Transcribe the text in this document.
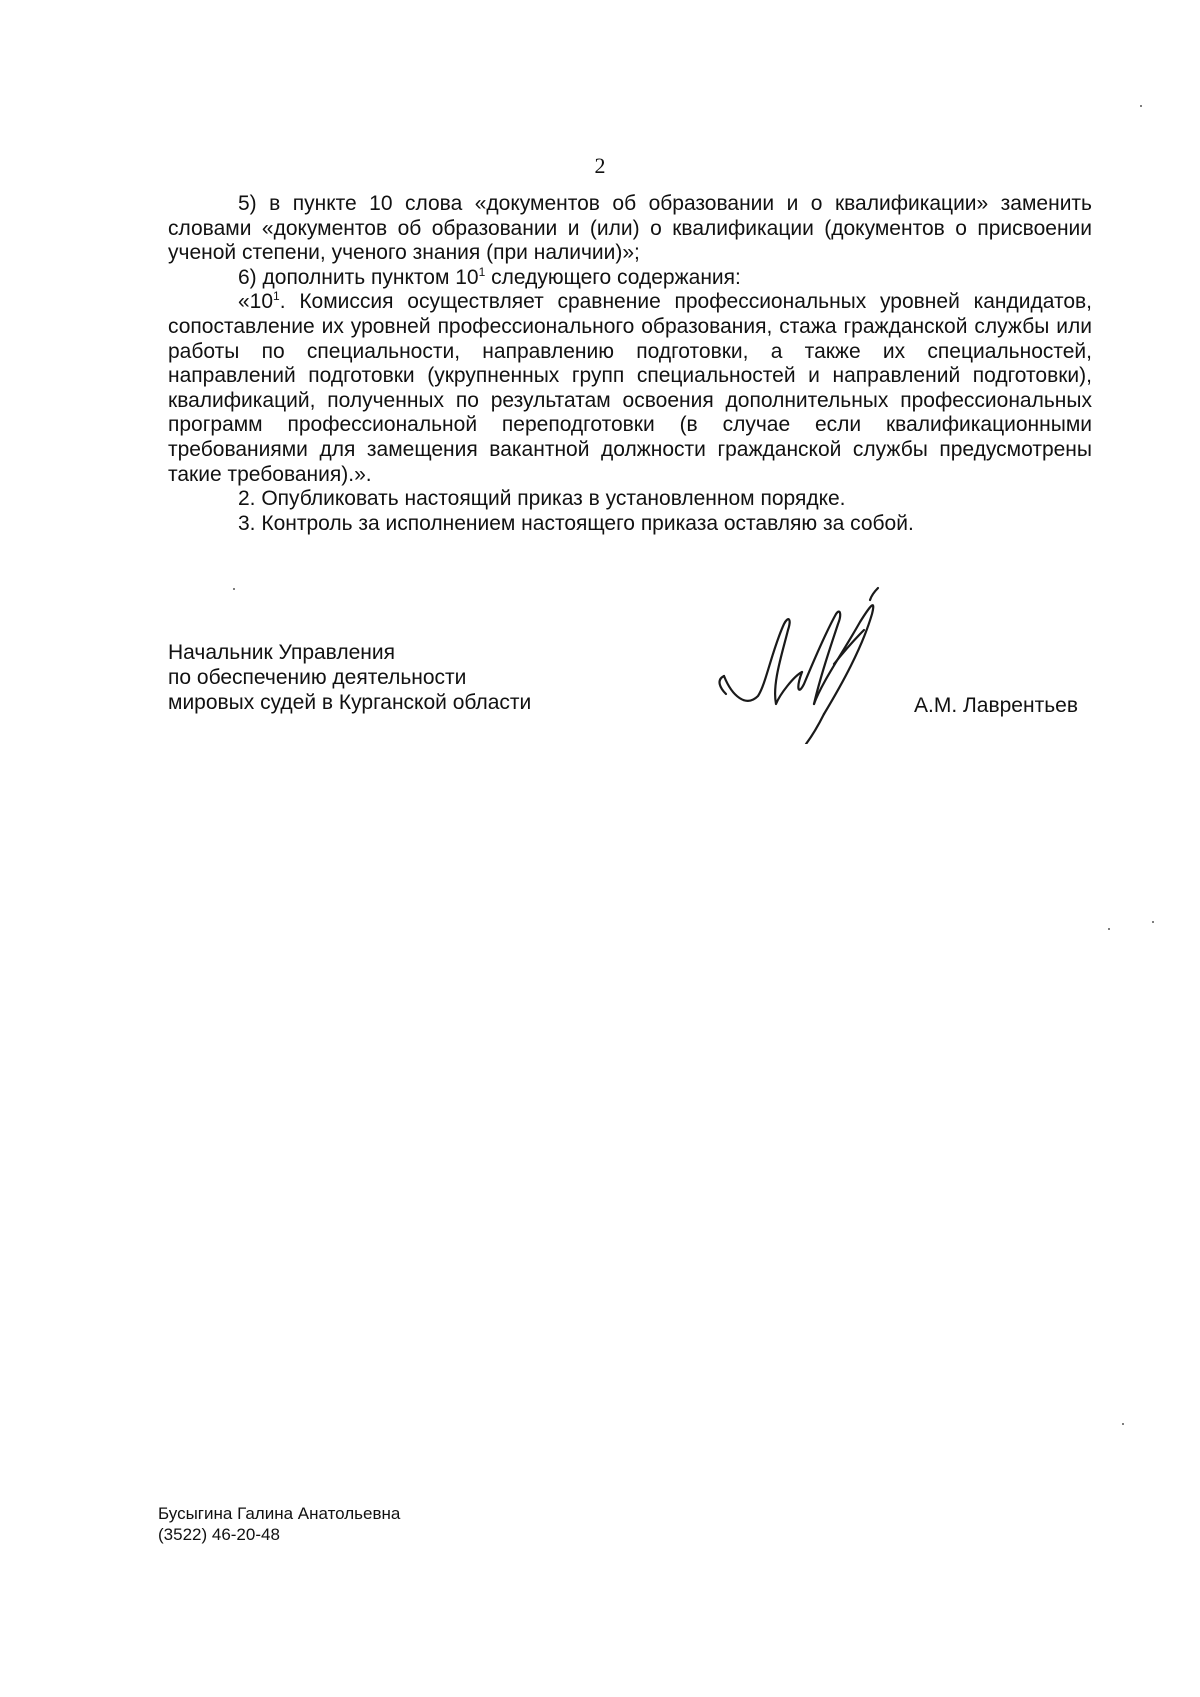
2

5) в пункте 10 слова «документов об образовании и о квалификации» заменить словами «документов об образовании и (или) о квалификации (документов о присвоении ученой степени, ученого знания (при наличии)»;

6) дополнить пунктом $10^1$ следующего содержания:

«$10^1$. Комиссия осуществляет сравнение профессиональных уровней кандидатов, сопоставление их уровней профессионального образования, стажа гражданской службы или работы по специальности, направлению подготовки, а также их специальностей, направлений подготовки (укрупненных групп специальностей и направлений подготовки), квалификаций, полученных по результатам освоения дополнительных профессиональных программ профессиональной переподготовки (в случае если квалификационными требованиями для замещения вакантной должности гражданской службы предусмотрены такие требования).».

2. Опубликовать настоящий приказ в установленном порядке.

3. Контроль за исполнением настоящего приказа оставляю за собой.

Начальник Управления
по обеспечению деятельности
мировых судей в Курганской области	А.М. Лаврентьев
Бусыгина Галина Анатольевна
(3522) 46-20-48
